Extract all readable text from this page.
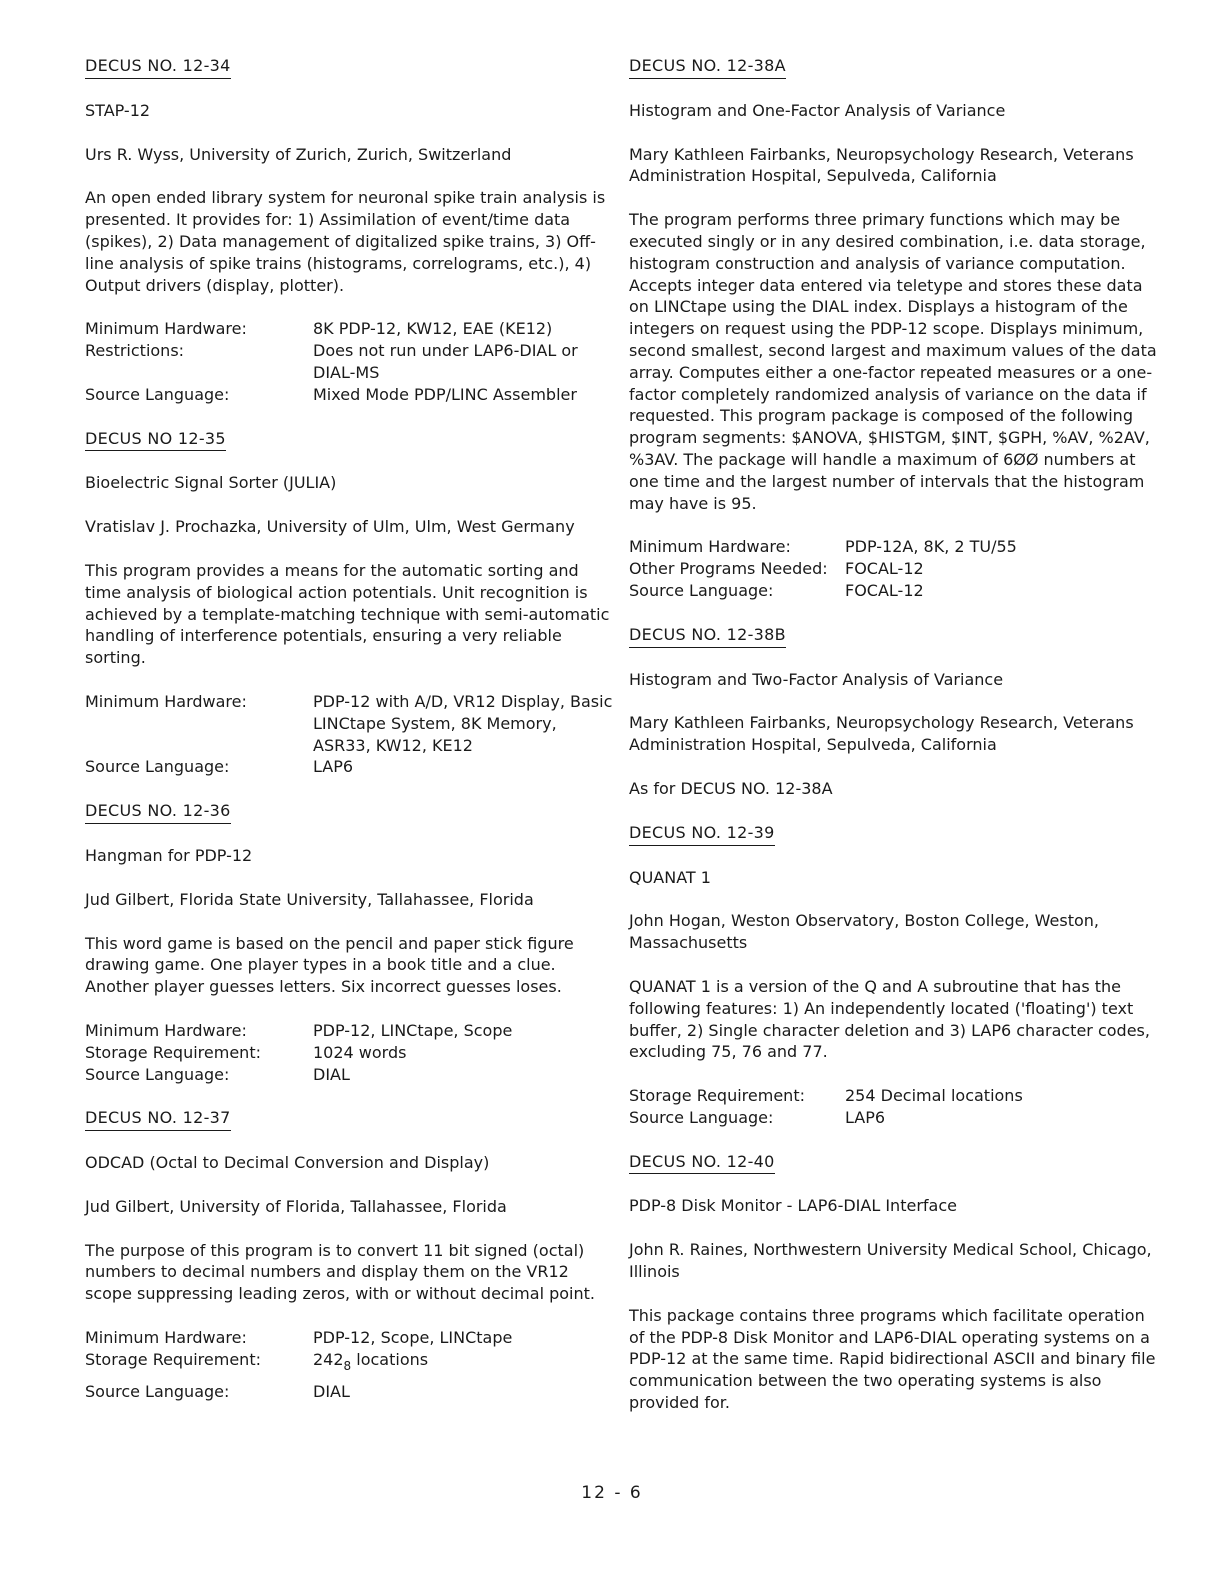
DECUS NO. 12-34
STAP-12
Urs R. Wyss, University of Zurich, Zurich, Switzerland
An open ended library system for neuronal spike train analysis is presented. It provides for: 1) Assimilation of event/time data (spikes), 2) Data management of digitalized spike trains, 3) Off-line analysis of spike trains (histograms, correlograms, etc.), 4) Output drivers (display, plotter).
Minimum Hardware:	8K PDP-12, KW12, EAE (KE12)
Restrictions:	Does not run under LAP6-DIAL or DIAL-MS
Source Language:	Mixed Mode PDP/LINC Assembler
DECUS NO 12-35
Bioelectric Signal Sorter (JULIA)
Vratislav J. Prochazka, University of Ulm, Ulm, West Germany
This program provides a means for the automatic sorting and time analysis of biological action potentials. Unit recognition is achieved by a template-matching technique with semi-automatic handling of interference potentials, ensuring a very reliable sorting.
Minimum Hardware:	PDP-12 with A/D, VR12 Display, Basic LINCtape System, 8K Memory, ASR33, KW12, KE12
Source Language:	LAP6
DECUS NO. 12-36
Hangman for PDP-12
Jud Gilbert, Florida State University, Tallahassee, Florida
This word game is based on the pencil and paper stick figure drawing game. One player types in a book title and a clue. Another player guesses letters. Six incorrect guesses loses.
Minimum Hardware:	PDP-12, LINCtape, Scope
Storage Requirement:	1024 words
Source Language:	DIAL
DECUS NO. 12-37
ODCAD (Octal to Decimal Conversion and Display)
Jud Gilbert, University of Florida, Tallahassee, Florida
The purpose of this program is to convert 11 bit signed (octal) numbers to decimal numbers and display them on the VR12 scope suppressing leading zeros, with or without decimal point.
Minimum Hardware:	PDP-12, Scope, LINCtape
Storage Requirement:	$242_8$ locations
Source Language:	DIAL
DECUS NO. 12-38A
Histogram and One-Factor Analysis of Variance
Mary Kathleen Fairbanks, Neuropsychology Research, Veterans Administration Hospital, Sepulveda, California
The program performs three primary functions which may be executed singly or in any desired combination, i.e. data storage, histogram construction and analysis of variance computation. Accepts integer data entered via teletype and stores these data on LINCtape using the DIAL index. Displays a histogram of the integers on request using the PDP-12 scope. Displays minimum, second smallest, second largest and maximum values of the data array. Computes either a one-factor repeated measures or a one-factor completely randomized analysis of variance on the data if requested. This program package is composed of the following program segments: $ANOVA, $HISTGM, $INT, $GPH, %AV, %2AV, %3AV. The package will handle a maximum of 6ØØ numbers at one time and the largest number of intervals that the histogram may have is 95.
Minimum Hardware:	PDP-12A, 8K, 2 TU/55
Other Programs Needed:	FOCAL-12
Source Language:	FOCAL-12
DECUS NO. 12-38B
Histogram and Two-Factor Analysis of Variance
Mary Kathleen Fairbanks, Neuropsychology Research, Veterans Administration Hospital, Sepulveda, California
As for DECUS NO. 12-38A
DECUS NO. 12-39
QUANAT 1
John Hogan, Weston Observatory, Boston College, Weston, Massachusetts
QUANAT 1 is a version of the Q and A subroutine that has the following features: 1) An independently located ('floating') text buffer, 2) Single character deletion and 3) LAP6 character codes, excluding 75, 76 and 77.
Storage Requirement:	254 Decimal locations
Source Language:	LAP6
DECUS NO. 12-40
PDP-8 Disk Monitor - LAP6-DIAL Interface
John R. Raines, Northwestern University Medical School, Chicago, Illinois
This package contains three programs which facilitate operation of the PDP-8 Disk Monitor and LAP6-DIAL operating systems on a PDP-12 at the same time. Rapid bidirectional ASCII and binary file communication between the two operating systems is also provided for.
12 - 6
